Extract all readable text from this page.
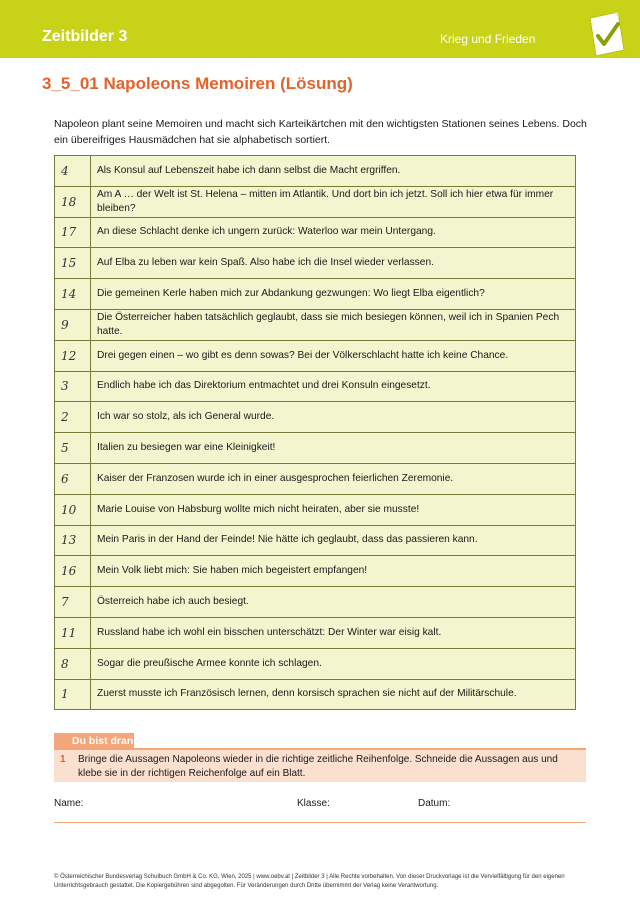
Zeitbilder 3	Krieg und Frieden
3_5_01 Napoleons Memoiren (Lösung)
Napoleon plant seine Memoiren und macht sich Karteikärtchen mit den wichtigsten Stationen seines Lebens. Doch ein übereifriges Hausmädchen hat sie alphabetisch sortiert.
4	Als Konsul auf Lebenszeit habe ich dann selbst die Macht ergriffen.
18	Am A … der Welt ist St. Helena – mitten im Atlantik. Und dort bin ich jetzt. Soll ich hier etwa für immer bleiben?
17	An diese Schlacht denke ich ungern zurück: Waterloo war mein Untergang.
15	Auf Elba zu leben war kein Spaß. Also habe ich die Insel wieder verlassen.
14	Die gemeinen Kerle haben mich zur Abdankung gezwungen: Wo liegt Elba eigentlich?
9	Die Österreicher haben tatsächlich geglaubt, dass sie mich besiegen können, weil ich in Spanien Pech hatte.
12	Drei gegen einen – wo gibt es denn sowas? Bei der Völkerschlacht hatte ich keine Chance.
3	Endlich habe ich das Direktorium entmachtet und drei Konsuln eingesetzt.
2	Ich war so stolz, als ich General wurde.
5	Italien zu besiegen war eine Kleinigkeit!
6	Kaiser der Franzosen wurde ich in einer ausgesprochen feierlichen Zeremonie.
10	Marie Louise von Habsburg wollte mich nicht heiraten, aber sie musste!
13	Mein Paris in der Hand der Feinde! Nie hätte ich geglaubt, dass das passieren kann.
16	Mein Volk liebt mich: Sie haben mich begeistert empfangen!
7	Österreich habe ich auch besiegt.
11	Russland habe ich wohl ein bisschen unterschätzt: Der Winter war eisig kalt.
8	Sogar die preußische Armee konnte ich schlagen.
1	Zuerst musste ich Französisch lernen, denn korsisch sprachen sie nicht auf der Militärschule.
Du bist dran
1 Bringe die Aussagen Napoleons wieder in die richtige zeitliche Reihenfolge. Schneide die Aussagen aus und klebe sie in der richtigen Reichenfolge auf ein Blatt.
Name:	Klasse:	Datum:
© Österreichischer Bundesverlag Schulbuch GmbH & Co. KG, Wien, 2025 | www.oebv.at | Zeitbilder 3 | Alle Rechte vorbehalten. Von dieser Druckvorlage ist die Vervielfältigung für den eigenen Unterrichtsgebrauch gestattet. Die Kopiergebühren sind abgegolten. Für Veränderungen durch Dritte übernimmt der Verlag keine Verantwortung.
